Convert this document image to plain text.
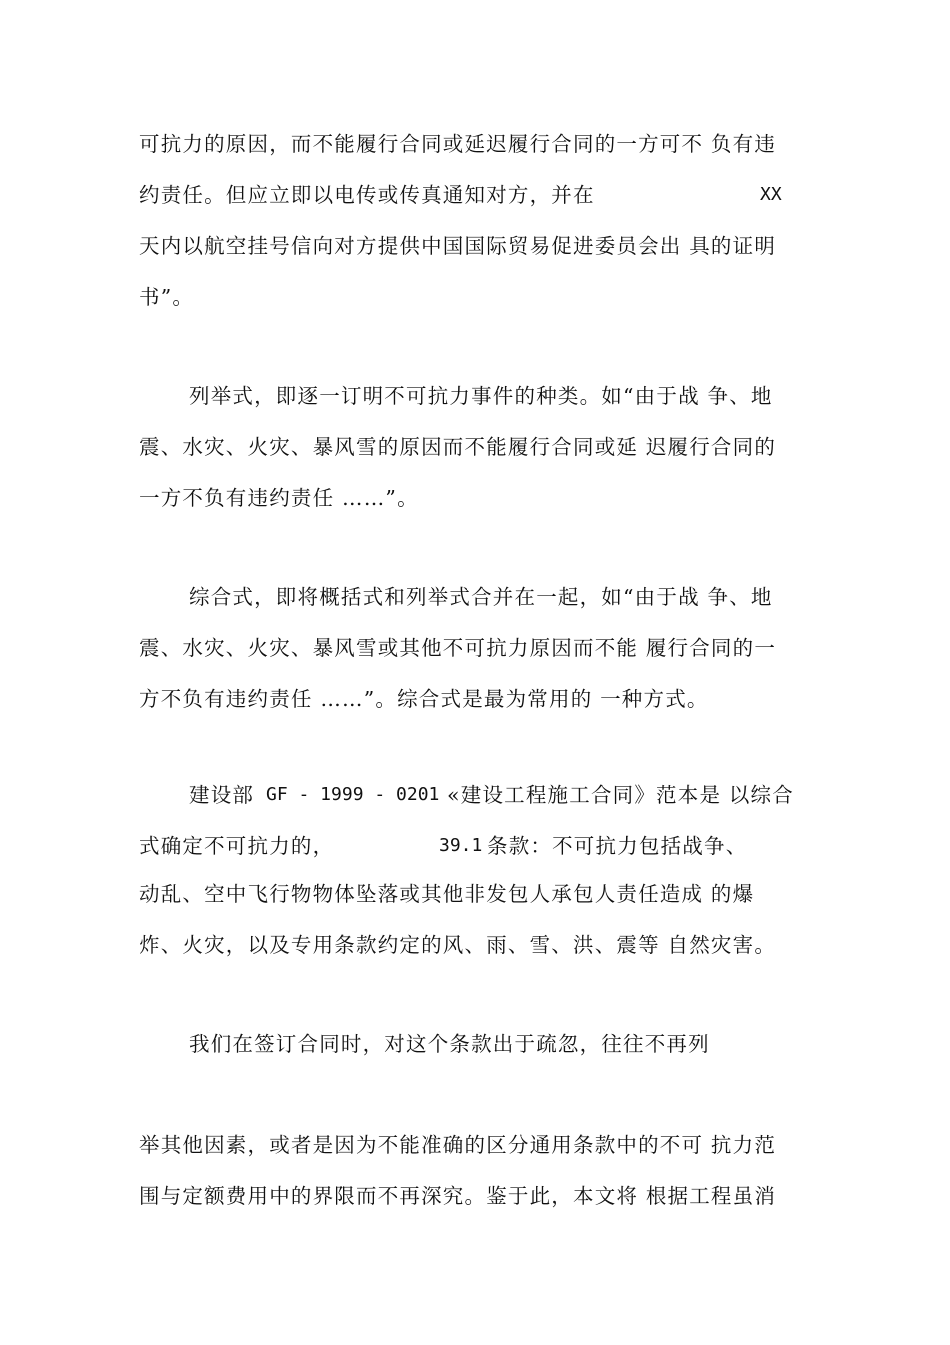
可抗力的原因，而不能履行合同或延迟履行合同的一方可不 负有违
约责任。但应立即以电传或传真通知对方，并在	XX
天内以航空挂号信向对方提供中国国际贸易促进委员会出 具的证明
书”。
列举式，即逐一订明不可抗力事件的种类。如“由于战 争、地
震、水灾、火灾、暴风雪的原因而不能履行合同或延 迟履行合同的
一方不负有违约责任 ……”。
综合式，即将概括式和列举式合并在一起，如“由于战 争、地
震、水灾、火灾、暴风雪或其他不可抗力原因而不能 履行合同的一
方不负有违约责任 ……”。综合式是最为常用的 一种方式。
建设部 GF - 1999 - 0201 «建设工程施工合同》范本是 以综合
式确定不可抗力的，	39.1 条款：不可抗力包括战争、
动乱、空中飞行物物体坠落或其他非发包人承包人责任造成 的爆
炸、火灾，以及专用条款约定的风、雨、雪、洪、震等 自然灾害。
我们在签订合同时，对这个条款出于疏忽，往往不再列
举其他因素，或者是因为不能准确的区分通用条款中的不可 抗力范
围与定额费用中的界限而不再深究。鉴于此，本文将 根据工程虽消
